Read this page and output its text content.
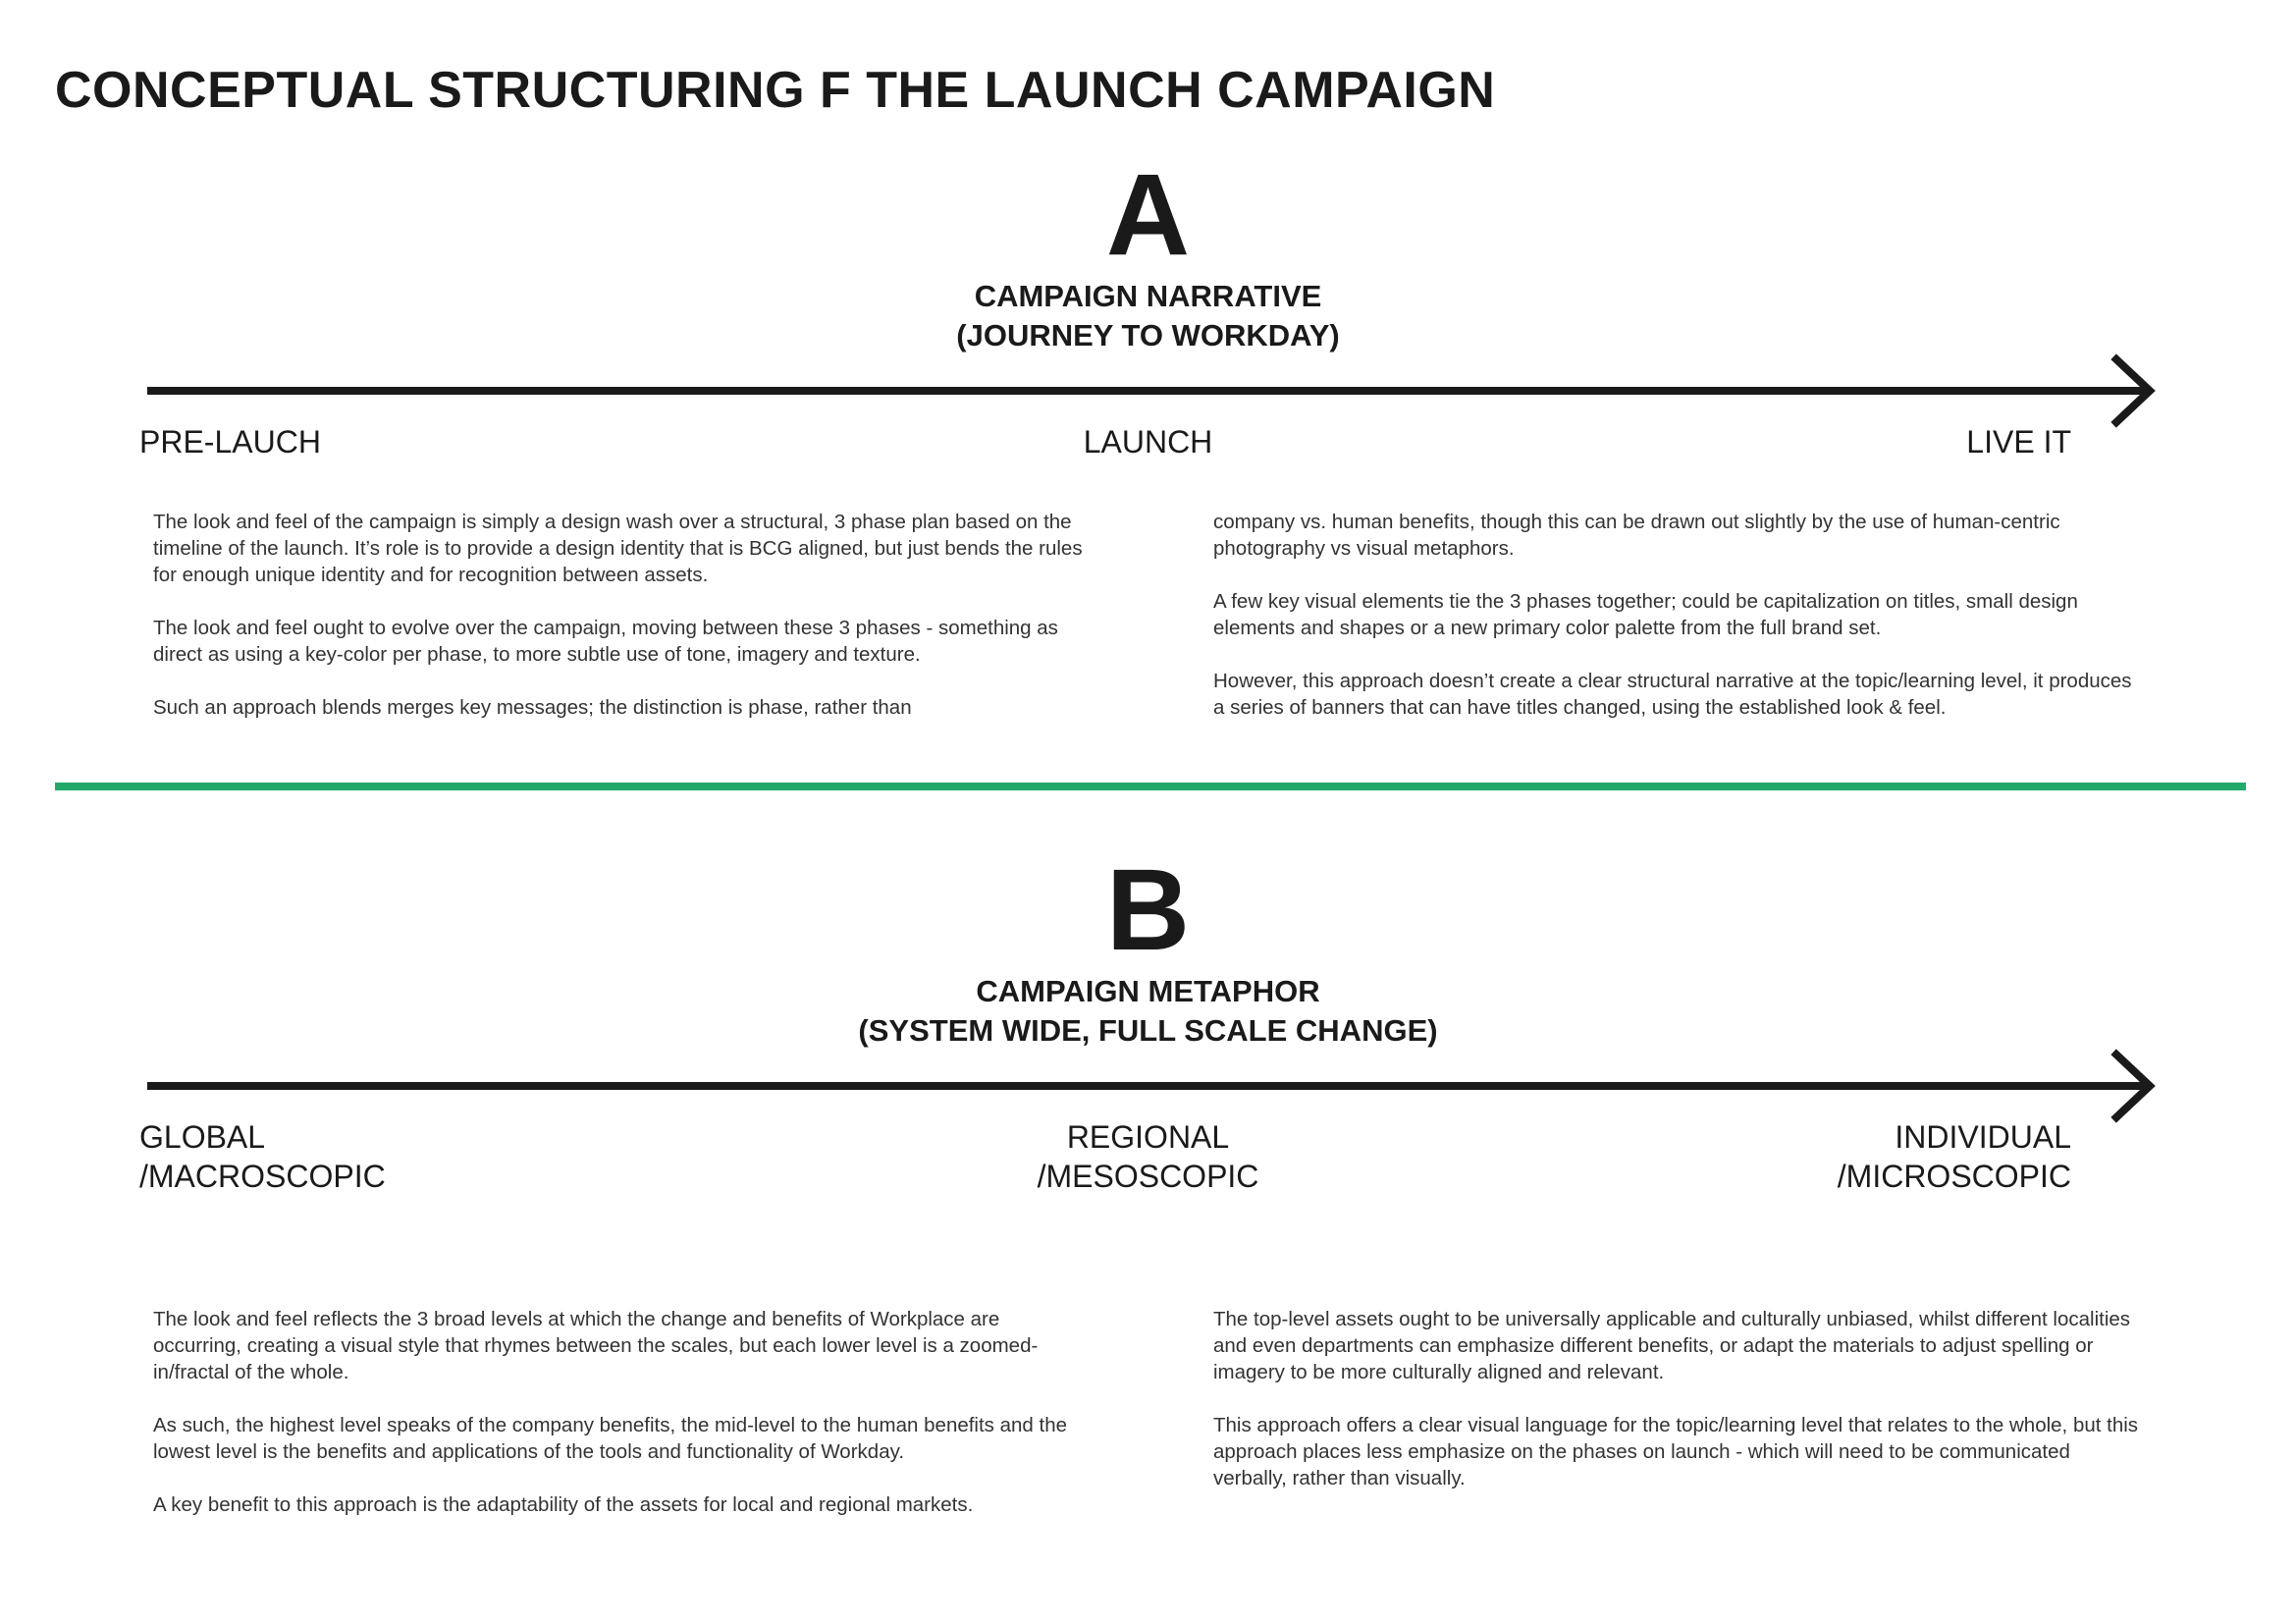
CONCEPTUAL STRUCTURING F THE LAUNCH CAMPAIGN
A
CAMPAIGN NARRATIVE
(JOURNEY TO WORKDAY)
PRE-LAUCH	LAUNCH	LIVE IT

The look and feel of the campaign is simply a design wash over a structural, 3 phase plan based on the timeline of the launch. It’s role is to provide a design identity that is BCG aligned, but just bends the rules for enough unique identity and for recognition between assets.

The look and feel ought to evolve over the campaign, moving between these 3 phases - something as direct as using a key-color per phase, to more subtle use of tone, imagery and texture.

Such an approach blends merges key messages; the distinction is phase, rather than

company vs. human benefits, though this can be drawn out slightly by the use of human-centric photography vs visual metaphors.

A few key visual elements tie the 3 phases together; could be capitalization on titles, small design elements and shapes or a new primary color palette from the full brand set.

However, this approach doesn’t create a clear structural narrative at the topic/learning level, it produces a series of banners that can have titles changed, using the established look & feel.

B
CAMPAIGN METAPHOR
(SYSTEM WIDE, FULL SCALE CHANGE)
GLOBAL
/MACROSCOPIC
REGIONAL
/MESOSCOPIC
INDIVIDUAL
/MICROSCOPIC

The look and feel reflects the 3 broad levels at which the change and benefits of Workplace are occurring, creating a visual style that rhymes between the scales, but each lower level is a zoomed-in/fractal of the whole.

As such, the highest level speaks of the company benefits, the mid-level to the human benefits and the lowest level is the benefits and applications of the tools and functionality of Workday.

A key benefit to this approach is the adaptability of the assets for local and regional markets.

The top-level assets ought to be universally applicable and culturally unbiased, whilst different localities and even departments can emphasize different benefits, or adapt the materials to adjust spelling or imagery to be more culturally aligned and relevant.

This approach offers a clear visual language for the topic/learning level that relates to the whole, but this approach places less emphasize on the phases on launch - which will need to be communicated verbally, rather than visually.
